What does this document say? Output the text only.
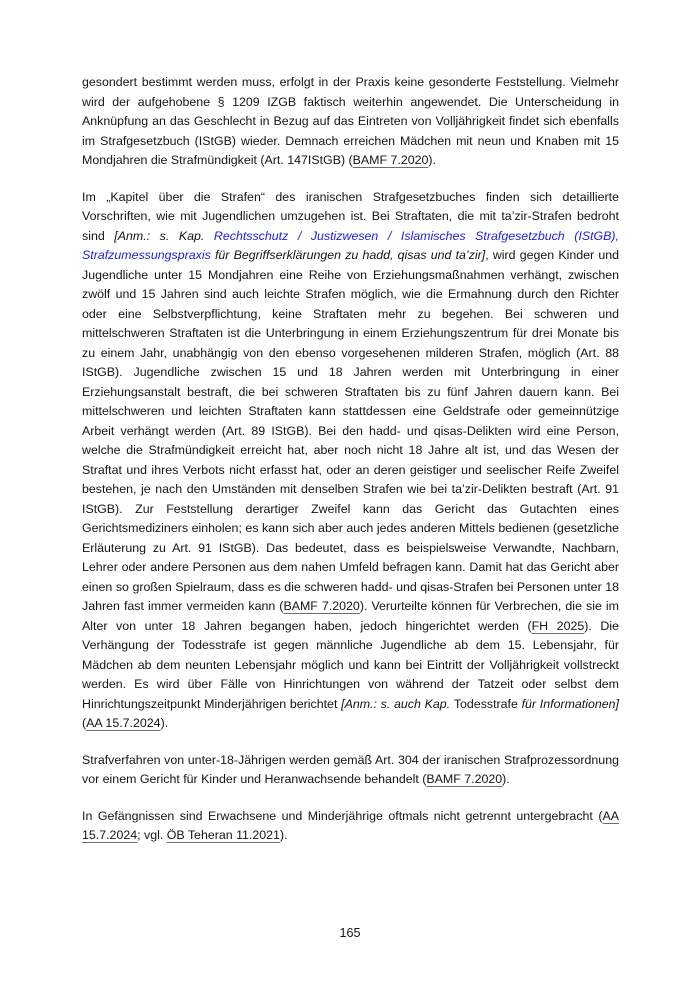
gesondert bestimmt werden muss, erfolgt in der Praxis keine gesonderte Feststellung. Vielmehr wird der aufgehobene § 1209 IZGB faktisch weiterhin angewendet. Die Unterscheidung in Anknüpfung an das Geschlecht in Bezug auf das Eintreten von Volljährigkeit findet sich ebenfalls im Strafgesetzbuch (IStGB) wieder. Demnach erreichen Mädchen mit neun und Knaben mit 15 Mondjahren die Strafmündigkeit (Art. 147IStGB) (BAMF 7.2020).

Im „Kapitel über die Strafen“ des iranischen Strafgesetzbuches finden sich detaillierte Vorschriften, wie mit Jugendlichen umzugehen ist. Bei Straftaten, die mit ta’zir-Strafen bedroht sind [Anm.: s. Kap. Rechtsschutz / Justizwesen / Islamisches Strafgesetzbuch (IStGB), Strafzumessungspraxis für Begriffserklärungen zu hadd, qisas und ta’zir], wird gegen Kinder und Jugendliche unter 15 Mondjahren eine Reihe von Erziehungsmaßnahmen verhängt, zwischen zwölf und 15 Jahren sind auch leichte Strafen möglich, wie die Ermahnung durch den Richter oder eine Selbstverpflichtung, keine Straftaten mehr zu begehen. Bei schweren und mittelschweren Straftaten ist die Unterbringung in einem Erziehungszentrum für drei Monate bis zu einem Jahr, unabhängig von den ebenso vorgesehenen milderen Strafen, möglich (Art. 88 IStGB). Jugendliche zwischen 15 und 18 Jahren werden mit Unterbringung in einer Erziehungsanstalt bestraft, die bei schweren Straftaten bis zu fünf Jahren dauern kann. Bei mittelschweren und leichten Straftaten kann stattdessen eine Geldstrafe oder gemeinnützige Arbeit verhängt werden (Art. 89 IStGB). Bei den hadd- und qisas-Delikten wird eine Person, welche die Strafmündigkeit erreicht hat, aber noch nicht 18 Jahre alt ist, und das Wesen der Straftat und ihres Verbots nicht erfasst hat, oder an deren geistiger und seelischer Reife Zweifel bestehen, je nach den Umständen mit denselben Strafen wie bei ta’zir-Delikten bestraft (Art. 91 IStGB). Zur Feststellung derartiger Zweifel kann das Gericht das Gutachten eines Gerichtsmediziners einholen; es kann sich aber auch jedes anderen Mittels bedienen (gesetzliche Erläuterung zu Art. 91 IStGB). Das bedeutet, dass es beispielsweise Verwandte, Nachbarn, Lehrer oder andere Personen aus dem nahen Umfeld befragen kann. Damit hat das Gericht aber einen so großen Spielraum, dass es die schweren hadd- und qisas-Strafen bei Personen unter 18 Jahren fast immer vermeiden kann (BAMF 7.2020). Verurteilte können für Verbrechen, die sie im Alter von unter 18 Jahren begangen haben, jedoch hingerichtet werden (FH 2025). Die Verhängung der Todesstrafe ist gegen männliche Jugendliche ab dem 15. Lebensjahr, für Mädchen ab dem neunten Lebensjahr möglich und kann bei Eintritt der Volljährigkeit vollstreckt werden. Es wird über Fälle von Hinrichtungen von während der Tatzeit oder selbst dem Hinrichtungszeitpunkt Minderjährigen berichtet [Anm.: s. auch Kap. Todesstrafe für Informationen] (AA 15.7.2024).

Strafverfahren von unter-18-Jährigen werden gemäß Art. 304 der iranischen Strafprozessordnung vor einem Gericht für Kinder und Heranwachsende behandelt (BAMF 7.2020).

In Gefängnissen sind Erwachsene und Minderjährige oftmals nicht getrennt untergebracht (AA 15.7.2024; vgl. ÖB Teheran 11.2021).

165
